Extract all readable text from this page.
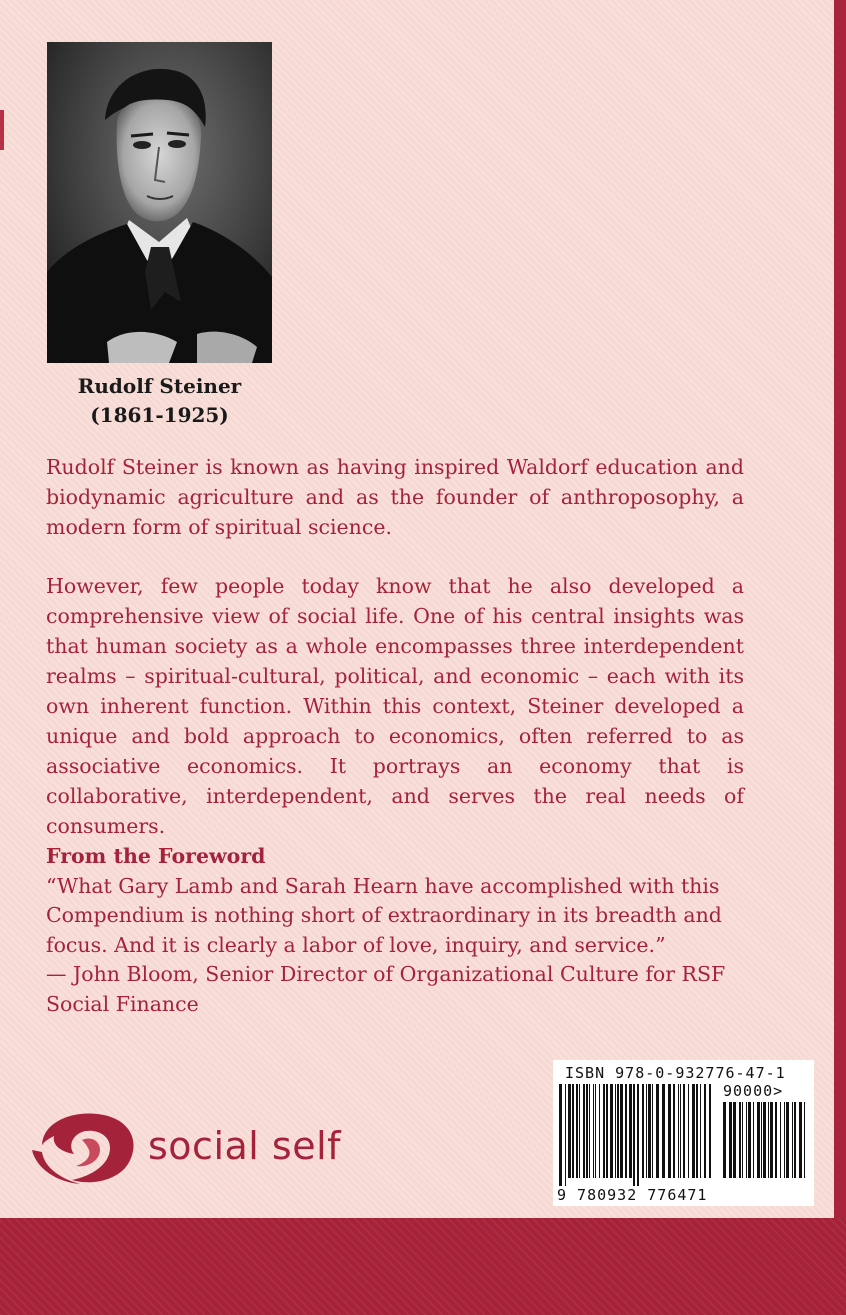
Rudolf Steiner
(1861-1925)

Rudolf Steiner is known as having inspired Waldorf education and biodynamic agriculture and as the founder of anthroposophy, a modern form of spiritual science.

However, few people today know that he also developed a comprehensive view of social life. One of his central insights was that human society as a whole encompasses three interdependent realms – spiritual-cultural, political, and economic – each with its own inherent function. Within this context, Steiner developed a unique and bold approach to economics, often referred to as associative economics. It portrays an economy that is collaborative, interdependent, and serves the real needs of consumers.

From the Foreword
“What Gary Lamb and Sarah Hearn have accomplished with this Compendium is nothing short of extraordinary in its breadth and focus. And it is clearly a labor of love, inquiry, and service.”
— John Bloom, Senior Director of Organizational Culture for RSF Social Finance
social self
ISBN 978-0-932776-47-1
90000>
9 780932 776471
